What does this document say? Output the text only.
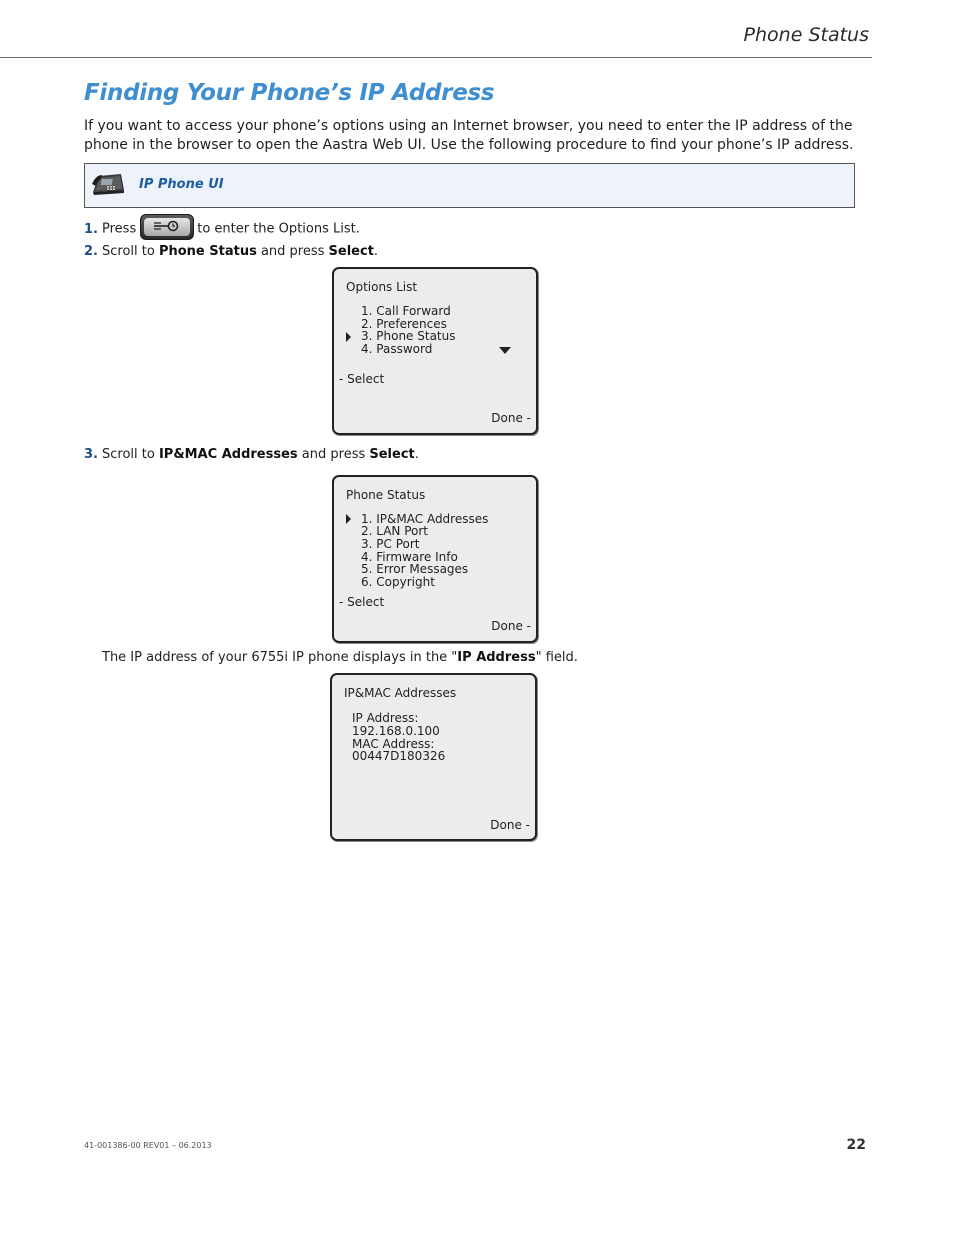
Phone Status
Finding Your Phone’s IP Address
If you want to access your phone’s options using an Internet browser, you need to enter the IP address of the phone in the browser to open the Aastra Web UI. Use the following procedure to find your phone’s IP address.
IP Phone UI
1. Press	to enter the Options List.
2. Scroll to Phone Status and press Select.
Options List
1. Call Forward
2. Preferences
3. Phone Status
4. Password
- Select
Done -
3. Scroll to IP&MAC Addresses and press Select.
Phone Status
1. IP&MAC Addresses
2. LAN Port
3. PC Port
4. Firmware Info
5. Error Messages
6. Copyright
- Select
Done -
The IP address of your 6755i IP phone displays in the "IP Address" field.
IP&MAC Addresses
IP Address:
192.168.0.100
MAC Address:
00447D180326
Done -
41-001386-00 REV01 – 06.2013	22
